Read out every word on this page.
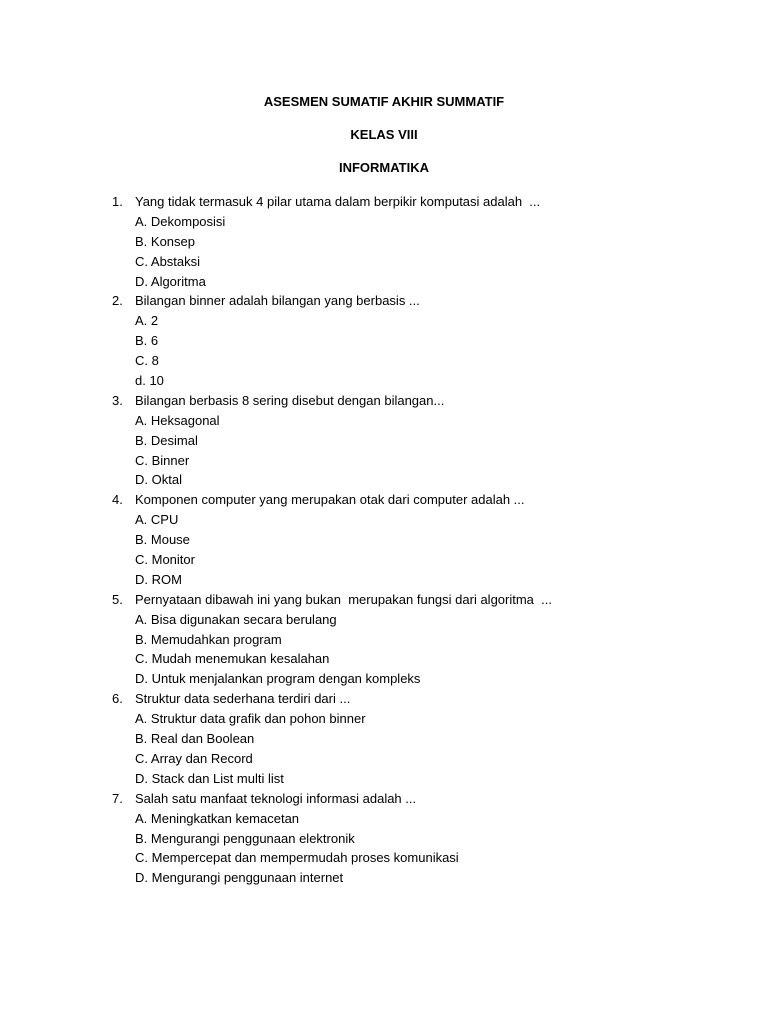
ASESMEN SUMATIF AKHIR SUMMATIF
KELAS VIII
INFORMATIKA
1. Yang tidak termasuk 4 pilar utama dalam berpikir komputasi adalah  ...
A. Dekomposisi
B. Konsep
C. Abstaksi
D. Algoritma
2. Bilangan binner adalah bilangan yang berbasis ...
A. 2
B. 6
C. 8
d. 10
3. Bilangan berbasis 8 sering disebut dengan bilangan...
A. Heksagonal
B. Desimal
C. Binner
D. Oktal
4. Komponen computer yang merupakan otak dari computer adalah ...
A. CPU
B. Mouse
C. Monitor
D. ROM
5. Pernyataan dibawah ini yang bukan  merupakan fungsi dari algoritma  ...
A. Bisa digunakan secara berulang
B. Memudahkan program
C. Mudah menemukan kesalahan
D. Untuk menjalankan program dengan kompleks
6. Struktur data sederhana terdiri dari ...
A. Struktur data grafik dan pohon binner
B. Real dan Boolean
C. Array dan Record
D. Stack dan List multi list
7. Salah satu manfaat teknologi informasi adalah ...
A. Meningkatkan kemacetan
B. Mengurangi penggunaan elektronik
C. Mempercepat dan mempermudah proses komunikasi
D. Mengurangi penggunaan internet
